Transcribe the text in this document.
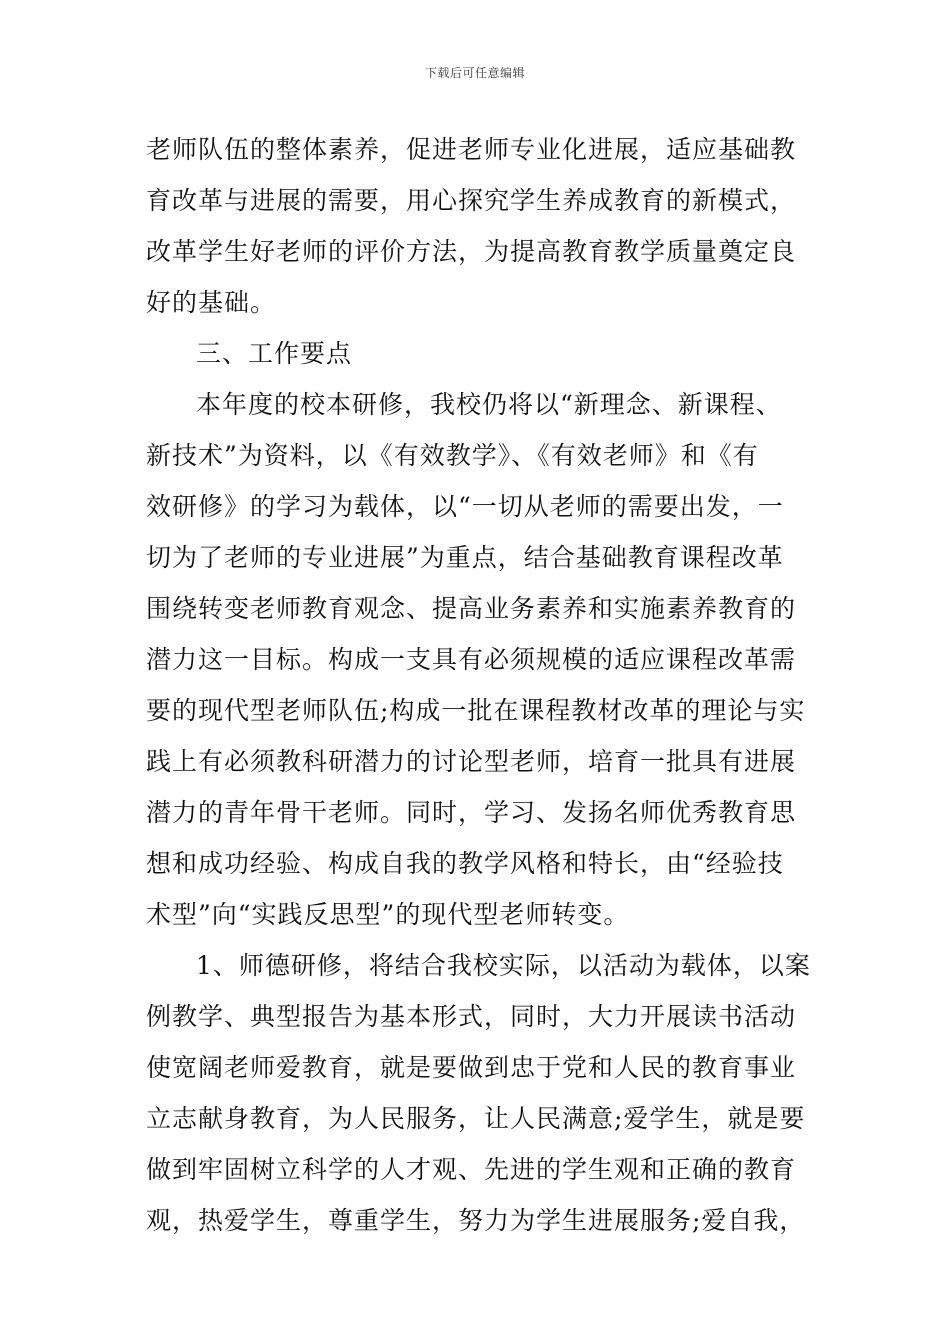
下载后可任意编辑
老师队伍的整体素养，促进老师专业化进展，适应基础教
育改革与进展的需要，用心探究学生养成教育的新模式，
改革学生好老师的评价方法，为提高教育教学质量奠定良
好的基础。
三、工作要点
本年度的校本研修，我校仍将以“新理念、新课程、
新技术”为资料，以《有效教学》、《有效老师》和《有
效研修》的学习为载体，以“一切从老师的需要出发，一
切为了老师的专业进展”为重点，结合基础教育课程改革
围绕转变老师教育观念、提高业务素养和实施素养教育的
潜力这一目标。构成一支具有必须规模的适应课程改革需
要的现代型老师队伍;构成一批在课程教材改革的理论与实
践上有必须教科研潜力的讨论型老师，培育一批具有进展
潜力的青年骨干老师。同时，学习、发扬名师优秀教育思
想和成功经验、构成自我的教学风格和特长，由“经验技
术型”向“实践反思型”的现代型老师转变。
1、师德研修，将结合我校实际，以活动为载体，以案
例教学、典型报告为基本形式，同时，大力开展读书活动
使宽阔老师爱教育，就是要做到忠于党和人民的教育事业
立志献身教育，为人民服务，让人民满意;爱学生，就是要
做到牢固树立科学的人才观、先进的学生观和正确的教育
观，热爱学生，尊重学生，努力为学生进展服务;爱自我，
